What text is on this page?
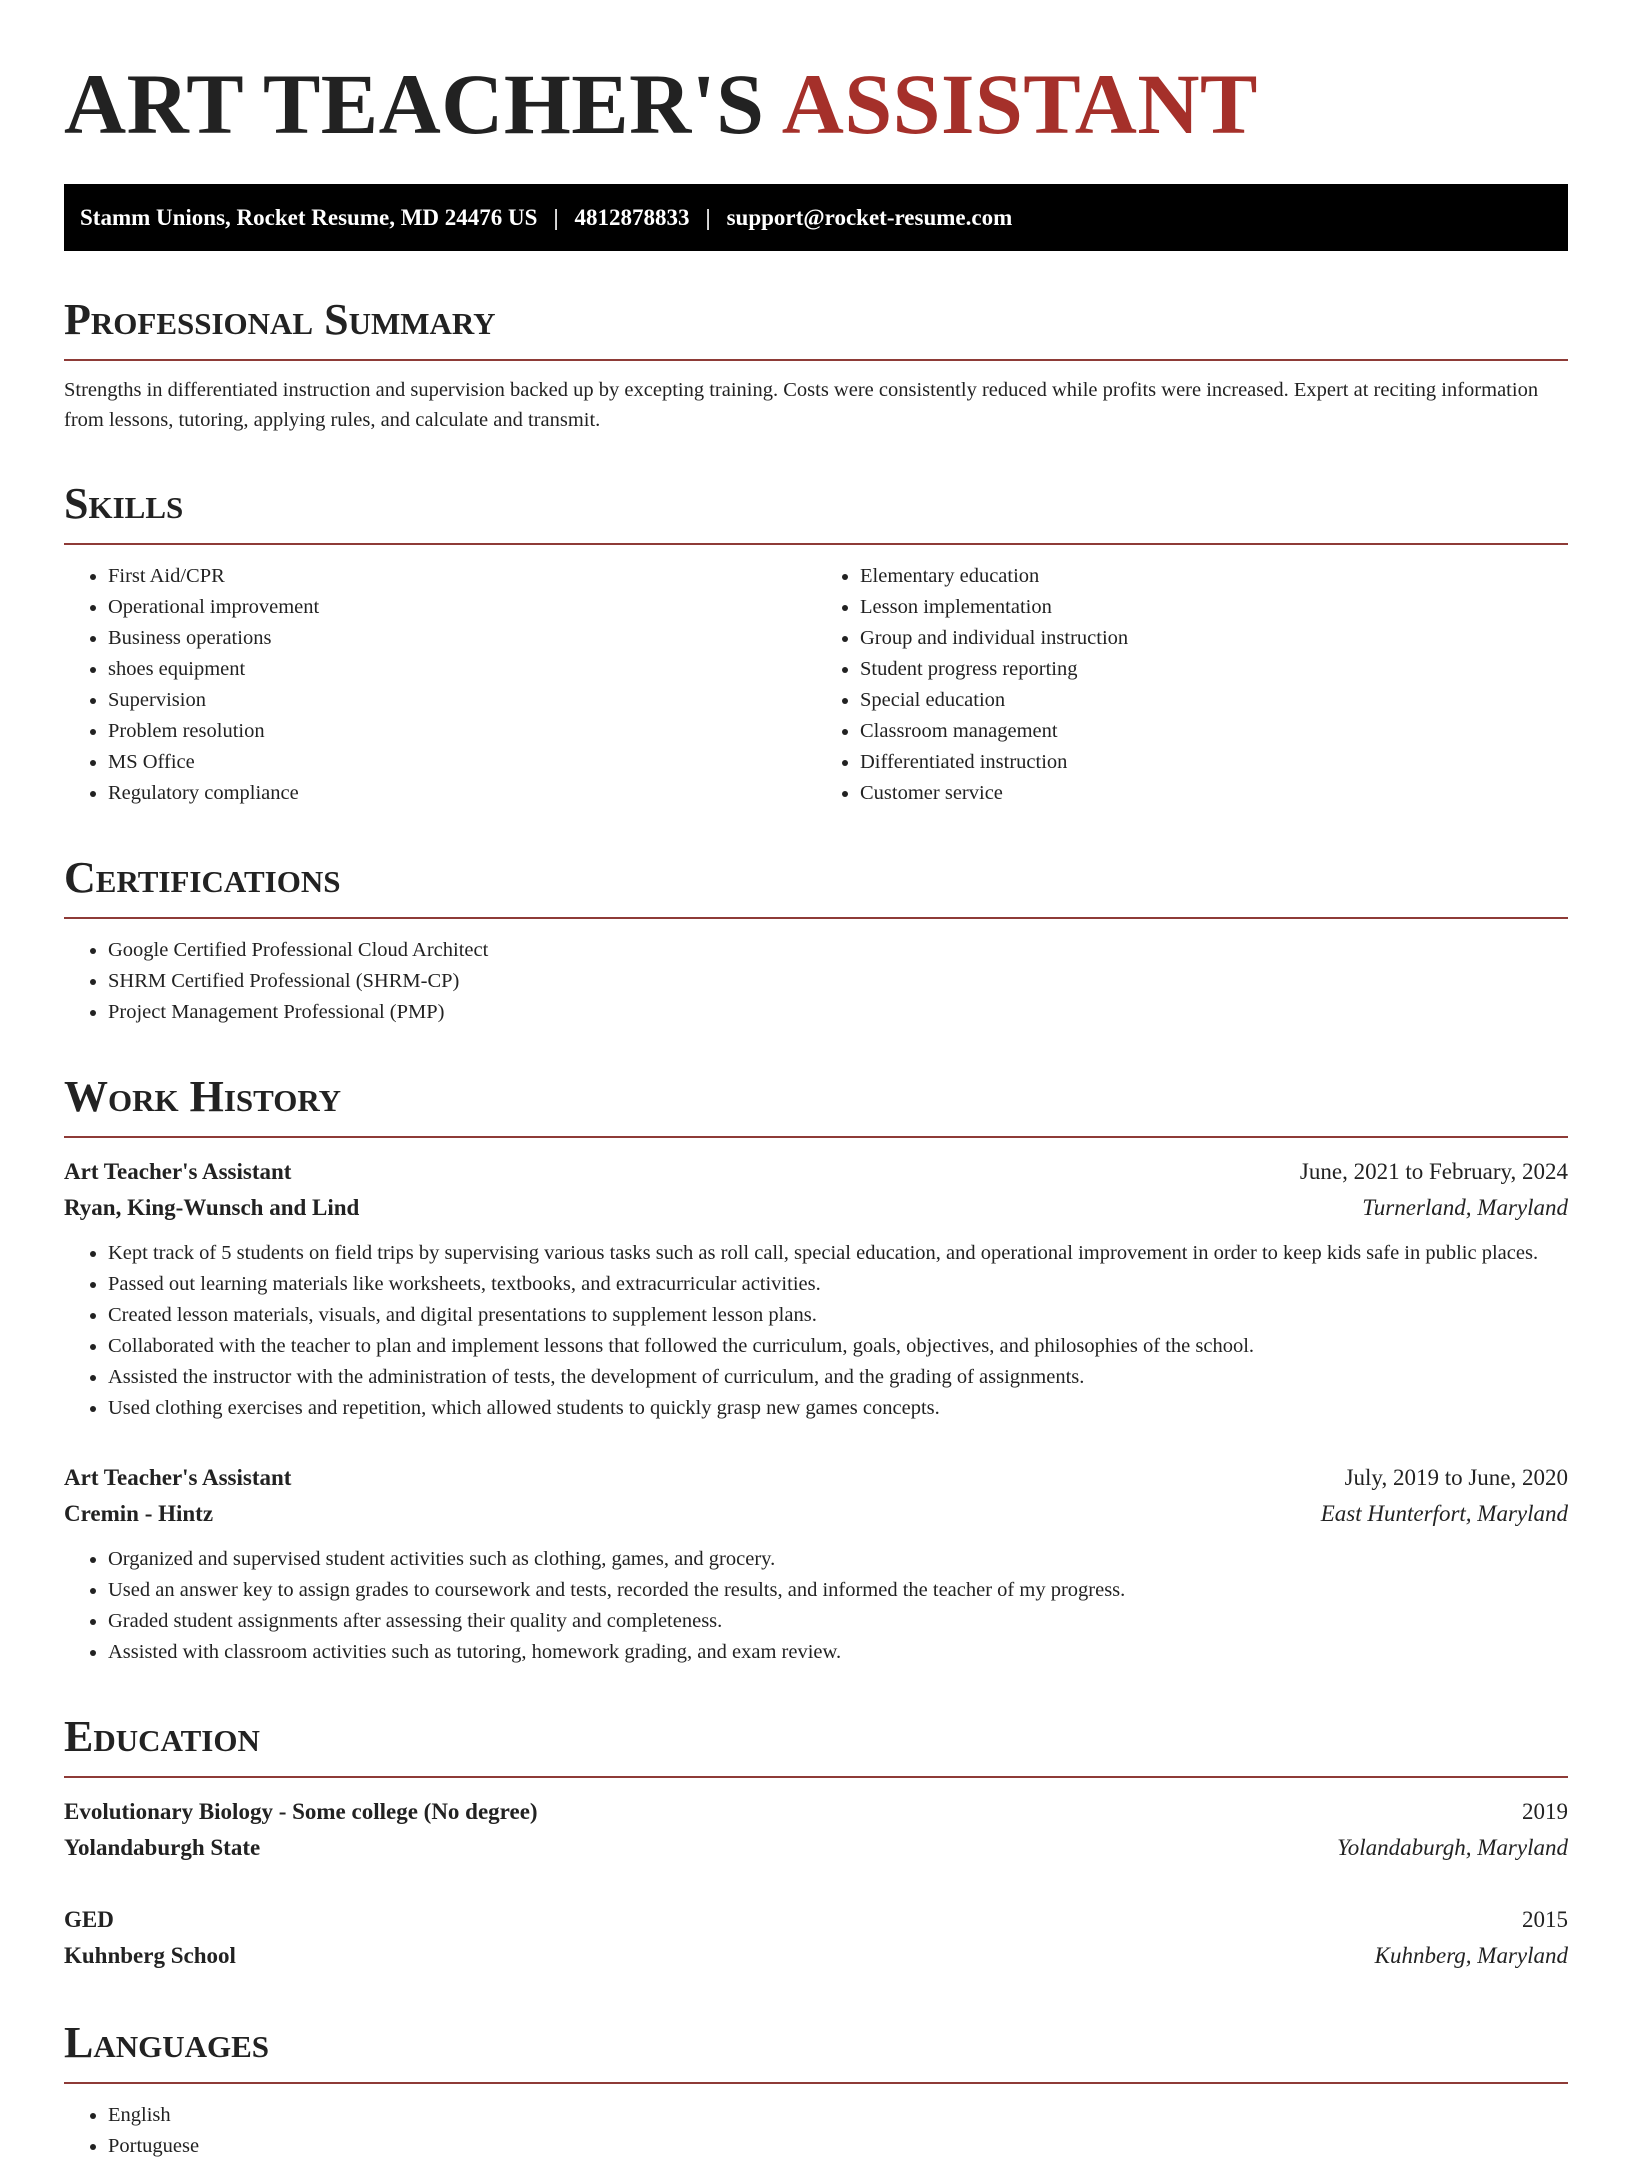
ART TEACHER'S ASSISTANT
Stamm Unions, Rocket Resume, MD 24476 US | 4812878833 | support@rocket-resume.com
Professional Summary

Strengths in differentiated instruction and supervision backed up by excepting training. Costs were consistently reduced while profits were increased. Expert at reciting information from lessons, tutoring, applying rules, and calculate and transmit.

Skills
• First Aid/CPR
• Operational improvement
• Business operations
• shoes equipment
• Supervision
• Problem resolution
• MS Office
• Regulatory compliance
• Elementary education
• Lesson implementation
• Group and individual instruction
• Student progress reporting
• Special education
• Classroom management
• Differentiated instruction
• Customer service
Certifications
• Google Certified Professional Cloud Architect
• SHRM Certified Professional (SHRM-CP)
• Project Management Professional (PMP)
Work History
Art Teacher's Assistant	June, 2021 to February, 2024
Ryan, King-Wunsch and Lind	Turnerland, Maryland
• Kept track of 5 students on field trips by supervising various tasks such as roll call, special education, and operational improvement in order to keep kids safe in public places.
• Passed out learning materials like worksheets, textbooks, and extracurricular activities.
• Created lesson materials, visuals, and digital presentations to supplement lesson plans.
• Collaborated with the teacher to plan and implement lessons that followed the curriculum, goals, objectives, and philosophies of the school.
• Assisted the instructor with the administration of tests, the development of curriculum, and the grading of assignments.
• Used clothing exercises and repetition, which allowed students to quickly grasp new games concepts.
Art Teacher's Assistant	July, 2019 to June, 2020
Cremin - Hintz	East Hunterfort, Maryland
• Organized and supervised student activities such as clothing, games, and grocery.
• Used an answer key to assign grades to coursework and tests, recorded the results, and informed the teacher of my progress.
• Graded student assignments after assessing their quality and completeness.
• Assisted with classroom activities such as tutoring, homework grading, and exam review.
Education
Evolutionary Biology - Some college (No degree)	2019
Yolandaburgh State	Yolandaburgh, Maryland
GED	2015
Kuhnberg School	Kuhnberg, Maryland
Languages
• English
• Portuguese
